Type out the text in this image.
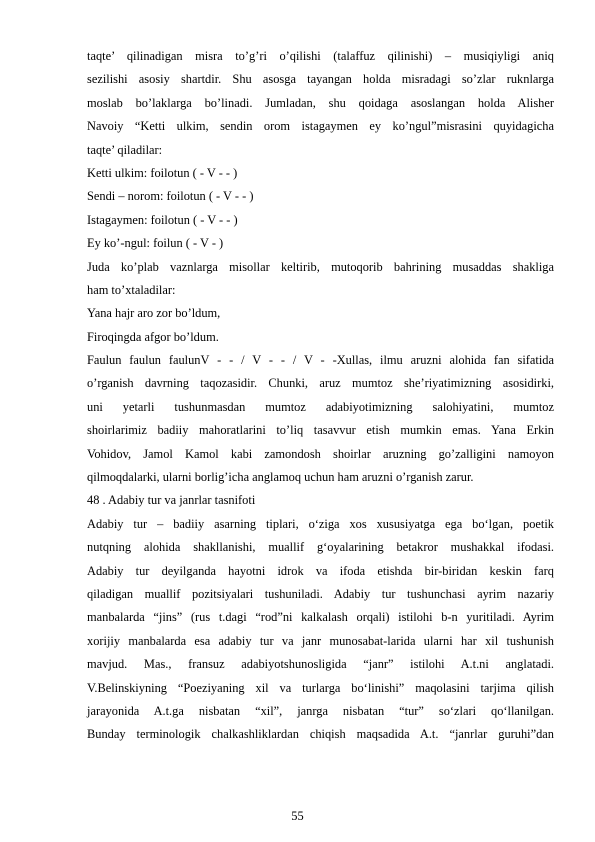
taqte’ qilinadigan misra to’g’ri o’qilishi (talaffuz qilinishi) – musiqiyligi aniq
sezilishi asosiy shartdir. Shu asosga tayangan holda misradagi so’zlar ruknlarga
moslab bo’laklarga bo’linadi. Jumladan, shu qoidaga asoslangan holda Alisher
Navoiy “Ketti ulkim, sendin orom istagaymen ey ko’ngul”misrasini quyidagicha
taqte’ qiladilar:
Ketti ulkim: foilotun ( - V - - )
Sendi – norom: foilotun ( - V - - )
Istagaymen: foilotun ( - V - - )
Ey ko’-ngul: foilun ( - V - )
Juda ko’plab vaznlarga misollar keltirib, mutoqorib bahrining musaddas shakliga
ham to’xtaladilar:
Yana hajr aro zor bo’ldum,
Firoqingda afgor bo’ldum.
Faulun faulun faulunV - - / V - - / V - -Xullas, ilmu aruzni alohida fan sifatida
o’rganish davrning taqozasidir. Chunki, aruz mumtoz she’riyatimizning asosidirki,
uni yetarli tushunmasdan mumtoz adabiyotimizning salohiyatini, mumtoz
shoirlarimiz badiiy mahoratlarini to’liq tasavvur etish mumkin emas. Yana Erkin
Vohidov, Jamol Kamol kabi zamondosh shoirlar aruzning go’zalligini namoyon
qilmoqdalarki, ularni borlig’icha anglamoq uchun ham aruzni o’rganish zarur.
48 . Adabiy tur va janrlar tasnifoti
Adabiy tur – badiiy asarning tiplari, o‘ziga xos xususiyatga ega bo‘lgan, poetik
nutqning alohida shakllanishi, muallif g‘oyalarining betakror mushakkal ifodasi.
Adabiy tur deyilganda hayotni idrok va ifoda etishda bir-biridan keskin farq
qiladigan muallif pozitsiyalari tushuniladi. Adabiy tur tushunchasi ayrim nazariy
manbalarda “jins” (rus t.dagi “rod”ni kalkalash orqali) istilohi b-n yuritiladi. Ayrim
xorijiy manbalarda esa adabiy tur va janr munosabat-larida ularni har xil tushunish
mavjud. Mas., fransuz adabiyotshunosligida “janr” istilohi A.t.ni anglatadi.
V.Belinskiyning “Poeziyaning xil va turlarga bo‘linishi” maqolasini tarjima qilish
jarayonida A.t.ga nisbatan “xil”, janrga nisbatan “tur” so‘zlari qo‘llanilgan.
Bunday terminologik chalkashliklardan chiqish maqsadida A.t. “janrlar guruhi”dan
55
